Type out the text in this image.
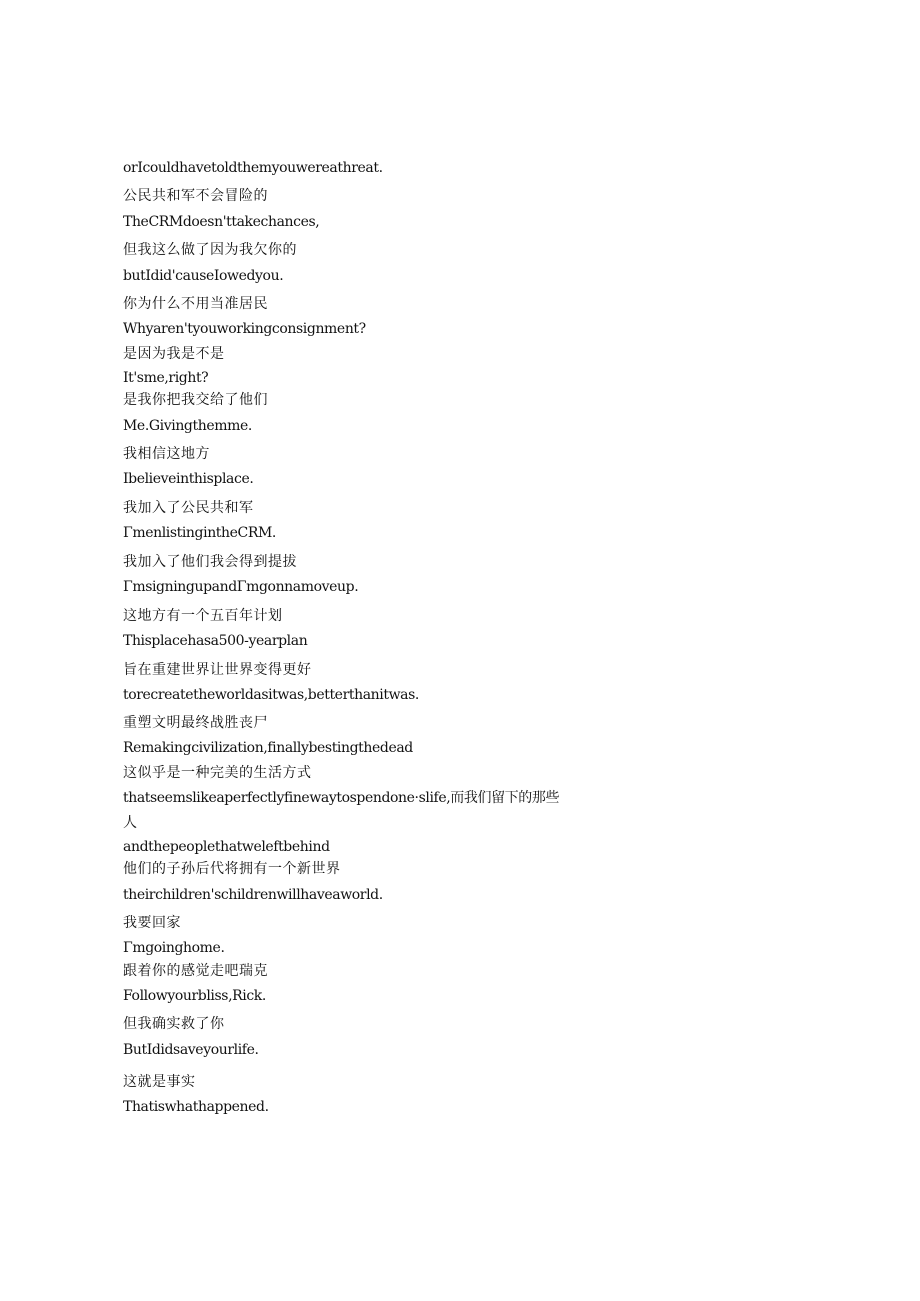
orIcouldhavetoldthemyouwereathreat.
公民共和军不会冒险的
TheCRMdoesn'ttakechances,
但我这么做了因为我欠你的
butIdid'causeIowedyou.
你为什么不用当准居民
Whyaren'tyouworkingconsignment?
是因为我是不是
It'sme,right?
是我你把我交给了他们
Me.Givingthemme.
我相信这地方
Ibelieveinthisplace.
我加入了公民共和军
ΓmenlistingintheCRM.
我加入了他们我会得到提拔
ΓmsigningupandΓmgonnamoveup.
这地方有一个五百年计划
Thisplacehasa500-yearplan
旨在重建世界让世界变得更好
torecreatetheworldasitwas,betterthanitwas.
重塑文明最终战胜丧尸
Remakingcivilization,finallybestingthedead
这似乎是一种完美的生活方式
thatseemslikeaperfectlyfinewaytospendone·slife,而我们留下的那些
人
andthepeoplethatweleftbehind
他们的子孙后代将拥有一个新世界
theirchildren'schildrenwillhaveaworld.
我要回家
Γmgoinghome.
跟着你的感觉走吧瑞克
Followyourbliss,Rick.
但我确实救了你
ButIdidsaveyourlife.
这就是事实
Thatiswhathappened.
